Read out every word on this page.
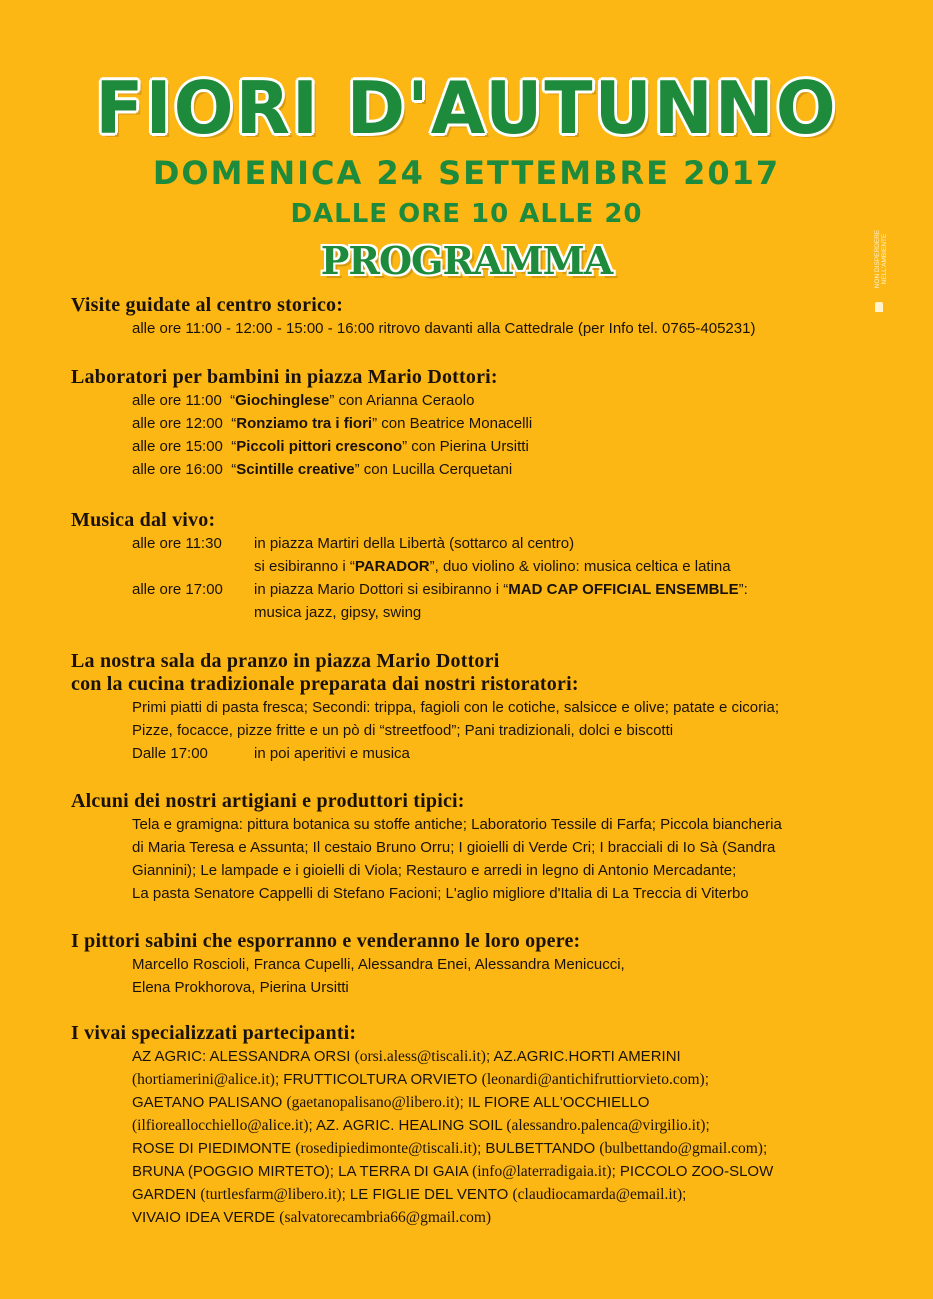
FIORI D'AUTUNNO
DOMENICA 24 SETTEMBRE 2017
DALLE ORE 10 ALLE 20
PROGRAMMA	NON DISPERDERE NELL'AMBIENTE
Visite guidate al centro storico:
alle ore 11:00 - 12:00 - 15:00 - 16:00 ritrovo davanti alla Cattedrale (per Info tel. 0765-405231)
Laboratori per bambini in piazza Mario Dottori:
alle ore 11:00  “Giochinglese” con Arianna Ceraolo
alle ore 12:00  “Ronziamo tra i fiori” con Beatrice Monacelli
alle ore 15:00  “Piccoli pittori crescono” con Pierina Ursitti
alle ore 16:00  “Scintille creative” con Lucilla Cerquetani
Musica dal vivo:
alle ore 11:30 in piazza Martiri della Libertà (sottarco al centro)
si esibiranno i “PARADOR”, duo violino & violino: musica celtica e latina
alle ore 17:00 in piazza Mario Dottori si esibiranno i “MAD CAP OFFICIAL ENSEMBLE”:
musica jazz, gipsy, swing
La nostra sala da pranzo in piazza Mario Dottori
con la cucina tradizionale preparata dai nostri ristoratori:
Primi piatti di pasta fresca; Secondi: trippa, fagioli con le cotiche, salsicce e olive; patate e cicoria;
Pizze, focacce, pizze fritte e un pò di “streetfood”; Pani tradizionali, dolci e biscotti
Dalle 17:00	in poi aperitivi e musica
Alcuni dei nostri artigiani e produttori tipici:
Tela e gramigna: pittura botanica su stoffe antiche; Laboratorio Tessile di Farfa; Piccola biancheria
di Maria Teresa e Assunta; Il cestaio Bruno Orru; I gioielli di Verde Cri; I bracciali di Io Sà (Sandra
Giannini); Le lampade e i gioielli di Viola; Restauro e arredi in legno di Antonio Mercadante;
La pasta Senatore Cappelli di Stefano Facioni; L'aglio migliore d'Italia di La Treccia di Viterbo
I pittori sabini che esporranno e venderanno le loro opere:
Marcello Roscioli, Franca Cupelli, Alessandra Enei, Alessandra Menicucci,
Elena Prokhorova, Pierina Ursitti
I vivai specializzati partecipanti:
AZ AGRIC: ALESSANDRA ORSI (orsi.aless@tiscali.it); AZ.AGRIC.HORTI AMERINI
(hortiamerini@alice.it); FRUTTICOLTURA ORVIETO (leonardi@antichifruttiorvieto.com);
GAETANO PALISANO (gaetanopalisano@libero.it); IL FIORE ALL'OCCHIELLO
(ilfioreallocchiello@alice.it); AZ. AGRIC. HEALING SOIL (alessandro.palenca@virgilio.it);
ROSE DI PIEDIMONTE (rosedipiedimonte@tiscali.it); BULBETTANDO (bulbettando@gmail.com);
BRUNA (POGGIO MIRTETO); LA TERRA DI GAIA (info@laterradigaia.it); PICCOLO ZOO-SLOW
GARDEN (turtlesfarm@libero.it); LE FIGLIE DEL VENTO (claudiocamarda@email.it);
VIVAIO IDEA VERDE (salvatorecambria66@gmail.com)
